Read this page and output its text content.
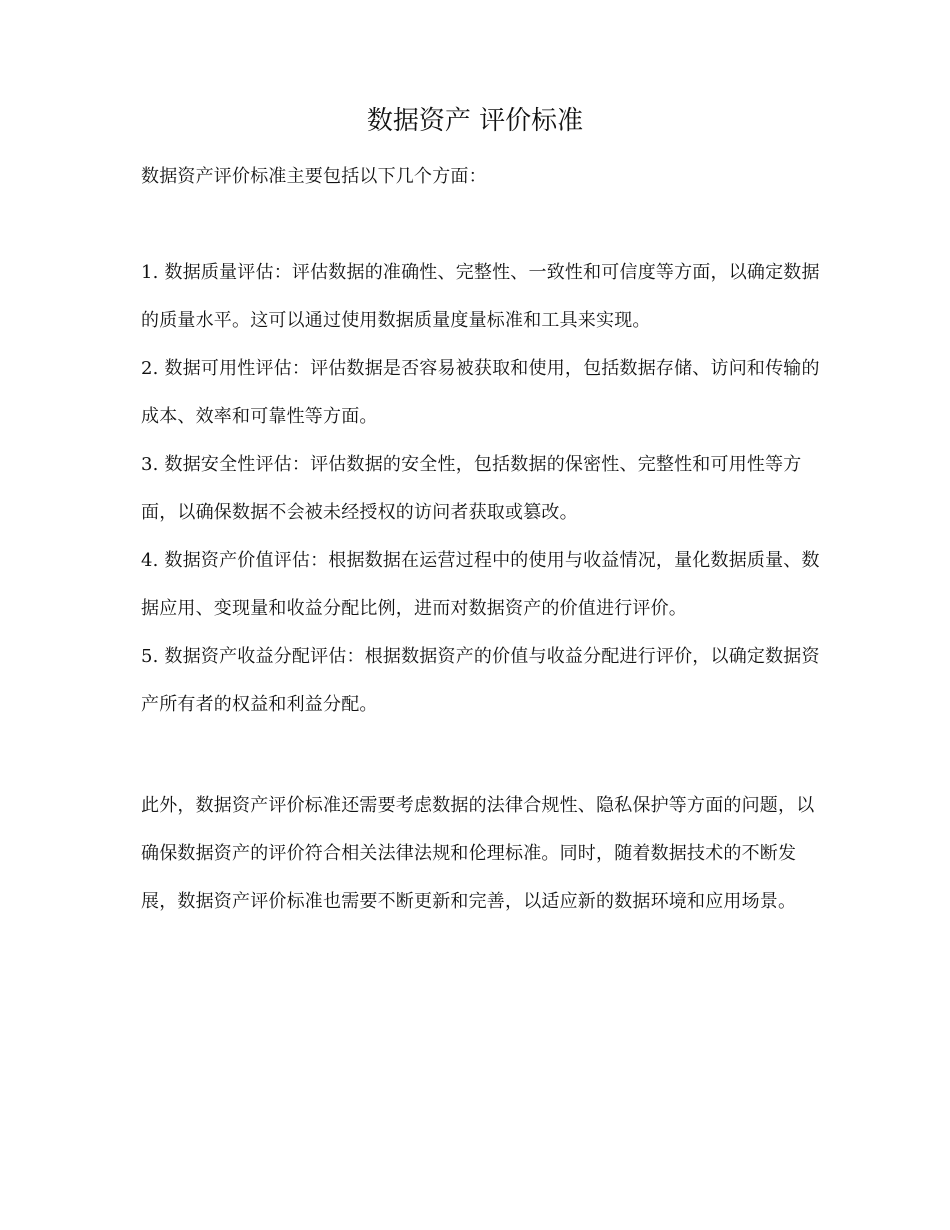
数据资产 评价标准

数据资产评价标准主要包括以下几个方面：

1. 数据质量评估：评估数据的准确性、完整性、一致性和可信度等方面，以确定数据的质量水平。这可以通过使用数据质量度量标准和工具来实现。
2. 数据可用性评估：评估数据是否容易被获取和使用，包括数据存储、访问和传输的成本、效率和可靠性等方面。
3. 数据安全性评估：评估数据的安全性，包括数据的保密性、完整性和可用性等方面，以确保数据不会被未经授权的访问者获取或篡改。
4. 数据资产价值评估：根据数据在运营过程中的使用与收益情况，量化数据质量、数据应用、变现量和收益分配比例，进而对数据资产的价值进行评价。
5. 数据资产收益分配评估：根据数据资产的价值与收益分配进行评价，以确定数据资产所有者的权益和利益分配。

此外，数据资产评价标准还需要考虑数据的法律合规性、隐私保护等方面的问题，以确保数据资产的评价符合相关法律法规和伦理标准。同时，随着数据技术的不断发展，数据资产评价标准也需要不断更新和完善，以适应新的数据环境和应用场景。
